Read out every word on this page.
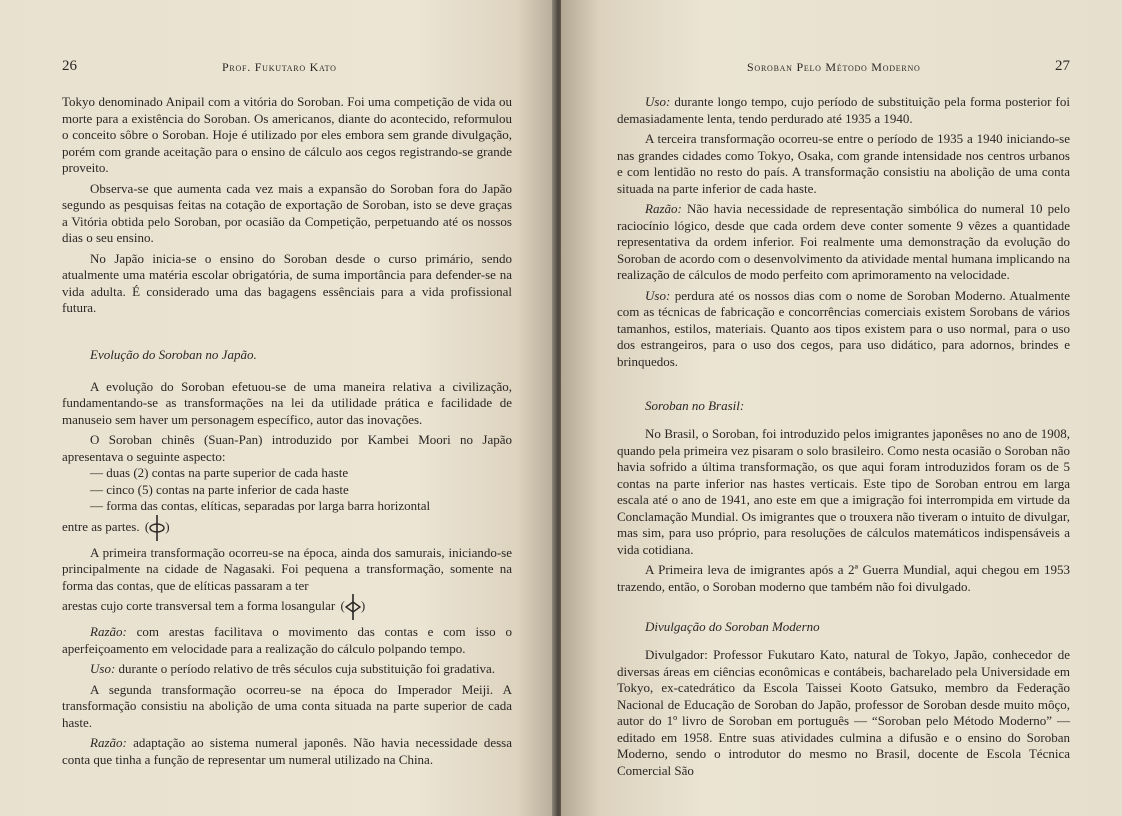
26	Prof. Fukutaro Kato

Tokyo denominado Anipail com a vitória do Soroban. Foi uma competição de vida ou morte para a existência do Soroban. Os americanos, diante do acontecido, reformulou o conceito sôbre o Soroban. Hoje é utilizado por eles embora sem grande divulgação, porém com grande aceitação para o ensino de cálculo aos cegos registrando-se grande proveito.

Observa-se que aumenta cada vez mais a expansão do Soroban fora do Japão segundo as pesquisas feitas na cotação de exportação de Soroban, isto se deve graças a Vitória obtida pelo Soroban, por ocasião da Competição, perpetuando até os nossos dias o seu ensino.

No Japão inicia-se o ensino do Soroban desde o curso primário, sendo atualmente uma matéria escolar obrigatória, de suma importância para defender-se na vida adulta. É considerado uma das bagagens essênciais para a vida profissional futura.

Evolução do Soroban no Japão.

A evolução do Soroban efetuou-se de uma maneira relativa a civilização, fundamentando-se as transformações na lei da utilidade prática e facilidade de manuseio sem haver um personagem específico, autor das inovações.

O Soroban chinês (Suan-Pan) introduzido por Kambei Moori no Japão apresentava o seguinte aspecto:

— duas (2) contas na parte superior de cada haste

— cinco (5) contas na parte inferior de cada haste

— forma das contas, elíticas, separadas por larga barra horizontal

entre as partes. ( )

A primeira transformação ocorreu-se na época, ainda dos samurais, iniciando-se principalmente na cidade de Nagasaki. Foi pequena a transformação, somente na forma das contas, que de elíticas passaram a ter

arestas cujo corte transversal tem a forma losangular ( )

Razão: com arestas facilitava o movimento das contas e com isso o aperfeiçoamento em velocidade para a realização do cálculo polpando tempo.

Uso: durante o período relativo de três séculos cuja substituição foi gradativa.

A segunda transformação ocorreu-se na época do Imperador Meiji. A transformação consistiu na abolição de uma conta situada na parte superior de cada haste.

Razão: adaptação ao sistema numeral japonês. Não havia necessidade dessa conta que tinha a função de representar um numeral utilizado na China.

Soroban Pelo Método Moderno	27

Uso: durante longo tempo, cujo período de substituição pela forma posterior foi demasiadamente lenta, tendo perdurado até 1935 a 1940.

A terceira transformação ocorreu-se entre o período de 1935 a 1940 iniciando-se nas grandes cidades como Tokyo, Osaka, com grande intensidade nos centros urbanos e com lentidão no resto do país. A transformação consistiu na abolição de uma conta situada na parte inferior de cada haste.

Razão: Não havia necessidade de representação simbólica do numeral 10 pelo raciocínio lógico, desde que cada ordem deve conter somente 9 vêzes a quantidade representativa da ordem inferior. Foi realmente uma demonstração da evolução do Soroban de acordo com o desenvolvimento da atividade mental humana implicando na realização de cálculos de modo perfeito com aprimoramento na velocidade.

Uso: perdura até os nossos dias com o nome de Soroban Moderno. Atualmente com as técnicas de fabricação e concorrências comerciais existem Sorobans de vários tamanhos, estilos, materiais. Quanto aos tipos existem para o uso normal, para o uso dos estrangeiros, para o uso dos cegos, para uso didático, para adornos, brindes e brinquedos.

Soroban no Brasil:

No Brasil, o Soroban, foi introduzido pelos imigrantes japonêses no ano de 1908, quando pela primeira vez pisaram o solo brasileiro. Como nesta ocasião o Soroban não havia sofrido a última transformação, os que aqui foram introduzidos foram os de 5 contas na parte inferior nas hastes verticais. Este tipo de Soroban entrou em larga escala até o ano de 1941, ano este em que a imigração foi interrompida em virtude da Conclamação Mundial. Os imigrantes que o trouxera não tiveram o intuito de divulgar, mas sim, para uso próprio, para resoluções de cálculos matemáticos indispensáveis a vida cotidiana.

A Primeira leva de imigrantes após a 2ª Guerra Mundial, aqui chegou em 1953 trazendo, então, o Soroban moderno que também não foi divulgado.

Divulgação do Soroban Moderno

Divulgador: Professor Fukutaro Kato, natural de Tokyo, Japão, conhecedor de diversas áreas em ciências econômicas e contábeis, bacharelado pela Universidade em Tokyo, ex-catedrático da Escola Taissei Kooto Gatsuko, membro da Federação Nacional de Educação de Soroban do Japão, professor de Soroban desde muito môço, autor do 1º livro de Soroban em português — “Soroban pelo Método Moderno” — editado em 1958. Entre suas atividades culmina a difusão e o ensino do Soroban Moderno, sendo o introdutor do mesmo no Brasil, docente de Escola Técnica Comercial São
